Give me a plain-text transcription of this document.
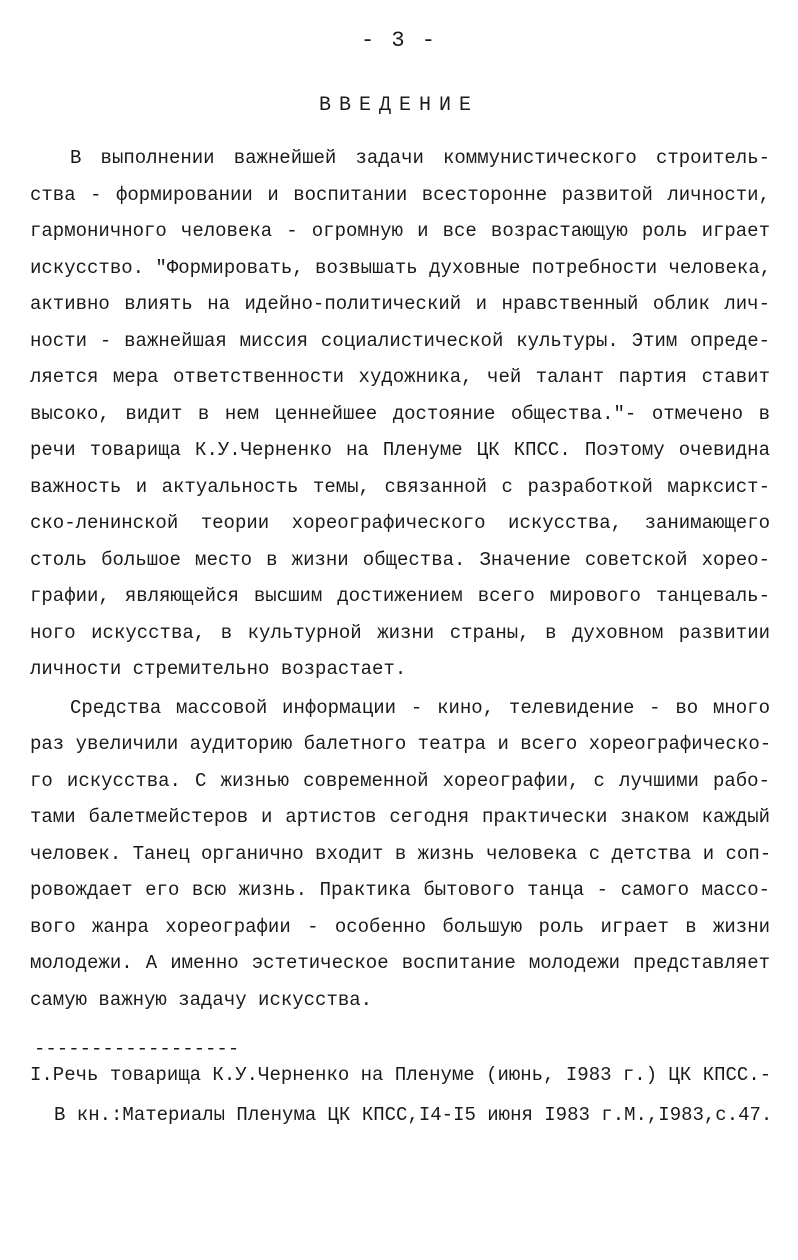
- 3 -
ВВЕДЕНИЕ
В выполнении важнейшей задачи коммунистического строитель-
ства - формировании и воспитании всесторонне развитой личности,
гармоничного человека - огромную и все возрастающую роль играет
искусство. "Формировать, возвышать духовные потребности человека,
активно влиять на идейно-политический и нравственный облик лич-
ности - важнейшая миссия социалистической культуры. Этим опреде-
ляется мера ответственности художника, чей талант партия ставит
высоко, видит в нем ценнейшее достояние общества."- отмечено в
речи товарища К.У.Черненко на Пленуме ЦК КПСС. Поэтому очевидна
важность и актуальность темы, связанной с разработкой марксист-
ско-ленинской теории хореографического искусства, занимающего
столь большое место в жизни общества. Значение советской хорео-
графии, являющейся высшим достижением всего мирового танцеваль-
ного искусства, в культурной жизни страны, в духовном развитии
личности стремительно возрастает.
Средства массовой информации - кино, телевидение - во много
раз увеличили аудиторию балетного театра и всего хореографическо-
го искусства. С жизнью современной хореографии, с лучшими рабо-
тами балетмейстеров и артистов сегодня практически знаком каждый
человек. Танец органично входит в жизнь человека с детства и соп-
ровождает его всю жизнь. Практика бытового танца - самого массо-
вого жанра хореографии - особенно большую роль играет в жизни
молодежи. А именно эстетическое воспитание молодежи представляет
самую важную задачу искусства.
------------------
I.Речь товарища К.У.Черненко на Пленуме (июнь, I983 г.) ЦК КПСС.-
В кн.:Материалы Пленума ЦК КПСС,I4-I5 июня I983 г.М.,I983,с.47.
